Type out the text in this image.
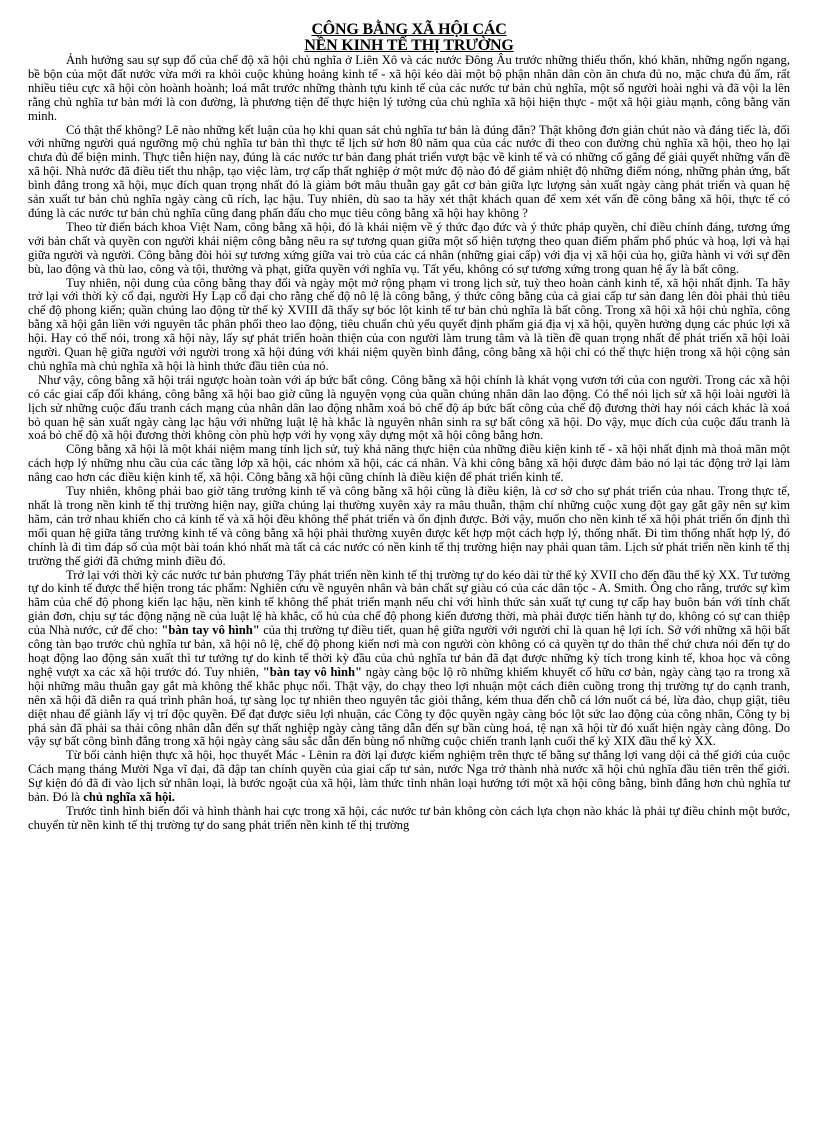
CÔNG BẰNG XÃ HỘI CÁC
NỀN KINH TẾ THỊ TRƯỜNG

Ảnh hưởng sau sự sụp đổ của chế độ xã hội chủ nghĩa ở Liên Xô và các nước Đông Âu trước những thiếu thốn, khó khăn, những ngổn ngang, bề bộn của một đất nước vừa mới ra khỏi cuộc khủng hoảng kinh tế - xã hội kéo dài một bộ phận nhân dân còn ăn chưa đủ no, mặc chưa đủ ấm, rất nhiều tiêu cực xã hội còn hoành hoành; loá mắt trước những thành tựu kinh tế của các nước tư bản chủ nghĩa, một số người hoài nghi và đã vội la lên rằng chủ nghĩa tư bản mới là con đường, là phương tiện để thực hiện lý tưởng của chủ nghĩa xã hội hiện thực - một xã hội giàu mạnh, công bằng văn minh.

Có thật thế không? Lẽ nào những kết luận của họ khi quan sát chủ nghĩa tư bản là đúng đắn? Thật không đơn giản chút nào và đáng tiếc là, đối với những người quá ngưỡng mộ chủ nghĩa tư bản thì thực tế lịch sử hơn 80 năm qua của các nước đi theo con đường chủ nghĩa xã hội, theo họ lại chưa đủ để biện minh. Thực tiễn hiện nay, đúng là các nước tư bản đang phát triển vượt bậc về kinh tế và có những cố gắng để giải quyết những vấn đề xã hội. Nhà nước đã điều tiết thu nhập, tạo việc làm, trợ cấp thất nghiệp ở một mức độ nào đó để giảm nhiệt độ những điểm nóng, những phản ứng, bất bình đẳng trong xã hội, mục đích quan trọng nhất đó là giảm bớt mâu thuẫn gay gắt cơ bản giữa lực lượng sản xuất ngày càng phát triển và quan hệ sản xuất tư bản chủ nghĩa ngày càng cũ rích, lạc hậu. Tuy nhiên, dù sao ta hãy xét thật khách quan để xem xét vấn đề công bằng xã hội, thực tế có đúng là các nước tư bản chủ nghĩa cũng đang phấn đấu cho mục tiêu công bằng xã hội hay không ?

Theo từ điển bách khoa Việt Nam, công bằng xã hội, đó là khái niệm về ý thức đạo đức và ý thức pháp quyền, chỉ điều chính đáng, tương ứng với bản chất và quyền con người khái niệm công bằng nêu ra sự tương quan giữa một số hiện tượng theo quan điểm phẩm phổ phúc và hoạ, lợi và hại giữa người và người. Công bằng đòi hỏi sự tương xứng giữa vai trò của các cá nhân (những giai cấp) với địa vị xã hội của họ, giữa hành vi với sự đền bù, lao động và thù lao, công và tội, thưởng và phạt, giữa quyền với nghĩa vụ. Tất yếu, không có sự tương xứng trong quan hệ ấy là bất công.

Tuy nhiên, nội dung của công bằng thay đổi và ngày một mở rộng phạm vi trong lịch sử, tuỳ theo hoàn cảnh kinh tế, xã hội nhất định. Ta hãy trở lại với thời kỳ cổ đại, người Hy Lạp cổ đại cho rằng chế độ nô lệ là công bằng, ý thức công bằng của cả giai cấp tư sản đang lên đòi phải thủ tiêu chế độ phong kiến; quần chúng lao động từ thế kỷ XVIII đã thấy sự bóc lột kinh tế tư bản chủ nghĩa là bất công. Trong xã hội xã hội chủ nghĩa, công bằng xã hội gắn liền với nguyên tắc phân phối theo lao động, tiêu chuẩn chủ yếu quyết định phẩm giá địa vị xã hội, quyền hưởng dụng các phúc lợi xã hội. Hay có thể nói, trong xã hội này, lấy sự phát triển hoàn thiện của con người làm trung tâm và là tiền đề quan trọng nhất để phát triển xã hội loài người. Quan hệ giữa người với người trong xã hội đúng với khái niệm quyền bình đẳng, công bằng xã hội chỉ có thể thực hiện trong xã hội cộng sản chủ nghĩa mà chủ nghĩa xã hội là hình thức đầu tiên của nó.

Như vậy, công bằng xã hội trái ngược hoàn toàn với áp bức bất công. Công bằng xã hội chính là khát vọng vươn tới của con người. Trong các xã hội có các giai cấp đối kháng, công bằng xã hội bao giờ cũng là nguyện vọng của quần chúng nhân dân lao động. Có thể nói lịch sử xã hội loài người là lịch sử những cuộc đấu tranh cách mạng của nhân dân lao động nhằm xoá bỏ chế độ áp bức bất công của chế độ đương thời hay nói cách khác là xoá bỏ quan hệ sản xuất ngày càng lạc hậu với những luật lệ hà khắc là nguyên nhân sinh ra sự bất công xã hội. Do vậy, mục đích của cuộc đấu tranh là xoá bỏ chế độ xã hội đương thời không còn phù hợp với hy vọng xây dựng một xã hội công bằng hơn.

Công bằng xã hội là một khái niệm mang tính lịch sử, tuỳ khả năng thực hiện của những điều kiện kinh tế - xã hội nhất định mà thoả mãn một cách hợp lý những nhu cầu của các tầng lớp xã hội, các nhóm xã hội, các cá nhân. Và khi công bằng xã hội được đảm bảo nó lại tác động trở lại làm nâng cao hơn các điều kiện kinh tế, xã hội. Công bằng xã hội cũng chính là điều kiện để phát triển kinh tế.

Tuy nhiên, không phải bao giờ tăng trưởng kinh tế và công bằng xã hội cũng là điều kiện, là cơ sở cho sự phát triển của nhau. Trong thực tế, nhất là trong nền kinh tế thị trường hiện nay, giữa chúng lại thường xuyên xảy ra mâu thuẫn, thậm chí những cuộc xung đột gay gắt gây nên sự kìm hãm, cản trở nhau khiến cho cả kinh tế và xã hội đều không thể phát triển và ổn định được. Bởi vậy, muốn cho nền kinh tế xã hội phát triển ổn định thì mối quan hệ giữa tăng trưởng kinh tế và công bằng xã hội phải thường xuyên được kết hợp một cách hợp lý, thống nhất. Đi tìm thống nhất hợp lý, đó chính là đi tìm đáp số của một bài toán khó nhất mà tất cả các nước có nền kinh tế thị trường hiện nay phải quan tâm. Lịch sử phát triển nền kinh tế thị trường thế giới đã chứng minh điều đó.

Trở lại với thời kỳ các nước tư bản phương Tây phát triển nền kinh tế thị trường tự do kéo dài từ thế kỷ XVII cho đến đầu thế kỷ XX. Tư tưởng tự do kinh tế được thể hiện trong tác phẩm: Nghiên cứu về nguyên nhân và bản chất sự giàu có của các dân tộc - A. Smith. Ông cho rằng, trước sự kìm hãm của chế độ phong kiến lạc hậu, nền kinh tế không thể phát triển mạnh nếu chỉ với hình thức sản xuất tự cung tự cấp hay buôn bán với tính chất giản đơn, chịu sự tác động nặng nề của luật lệ hà khắc, cổ hủ của chế độ phong kiến đương thời, mà phải được tiến hành tự do, không có sự can thiệp của Nhà nước, cứ để cho: "bàn tay vô hình" của thị trường tự điều tiết, quan hệ giữa người với người chỉ là quan hệ lợi ích. Sở với những xã hội bất công tàn bạo trước chủ nghĩa tư bản, xã hội nô lệ, chế độ phong kiến nơi mà con người còn không có cả quyền tự do thân thể chứ chưa nói đến tự do hoạt động lao động sản xuất thì tư tưởng tự do kinh tế thời kỳ đầu của chủ nghĩa tư bản đã đạt được những kỳ tích trong kinh tế, khoa học và công nghệ vượt xa các xã hội trước đó. Tuy nhiên, "bàn tay vô hình" ngày càng bộc lộ rõ những khiếm khuyết cố hữu cơ bản, ngày càng tạo ra trong xã hội những mâu thuẫn gay gắt mà không thể khắc phục nổi. Thật vậy, do chạy theo lợi nhuận một cách điên cuồng trong thị trường tự do cạnh tranh, nên xã hội đã diễn ra quá trình phân hoá, tự sàng lọc tự nhiên theo nguyên tắc giỏi thắng, kém thua đến chỗ cá lớn nuốt cá bé, lừa đảo, chụp giật, tiêu diệt nhau để giành lấy vị trí độc quyền. Để đạt được siêu lợi nhuận, các Công ty độc quyền ngày càng bóc lột sức lao động của công nhân, Công ty bị phá sản đã phải sa thải công nhân dẫn đến sự thất nghiệp ngày càng tăng dẫn đến sự bần cùng hoá, tệ nạn xã hội từ đó xuất hiện ngày càng đông. Do vậy sự bất công bình đẳng trong xã hội ngày càng sâu sắc dẫn đến bùng nổ những cuộc chiến tranh lạnh cuối thế kỷ XIX đầu thế kỷ XX.

Từ bối cảnh hiện thực xã hội, học thuyết Mác - Lênin ra đời lại được kiểm nghiệm trên thực tế bằng sự thắng lợi vang dội cả thế giới của cuộc Cách mạng tháng Mười Nga vĩ đại, đã đập tan chính quyền của giai cấp tư sản, nước Nga trở thành nhà nước xã hội chủ nghĩa đầu tiên trên thế giới. Sự kiện đó đã đi vào lịch sử nhân loại, là bước ngoặt của xã hội, làm thức tỉnh nhân loại hướng tới một xã hội công bằng, bình đẳng hơn chủ nghĩa tư bản. Đó là chủ nghĩa xã hội.

Trước tình hình biến đổi và hình thành hai cực trong xã hội, các nước tư bản không còn cách lựa chọn nào khác là phải tự điều chỉnh một bước, chuyển từ nền kinh tế thị trường tự do sang phát triển nền kinh tế thị trường
